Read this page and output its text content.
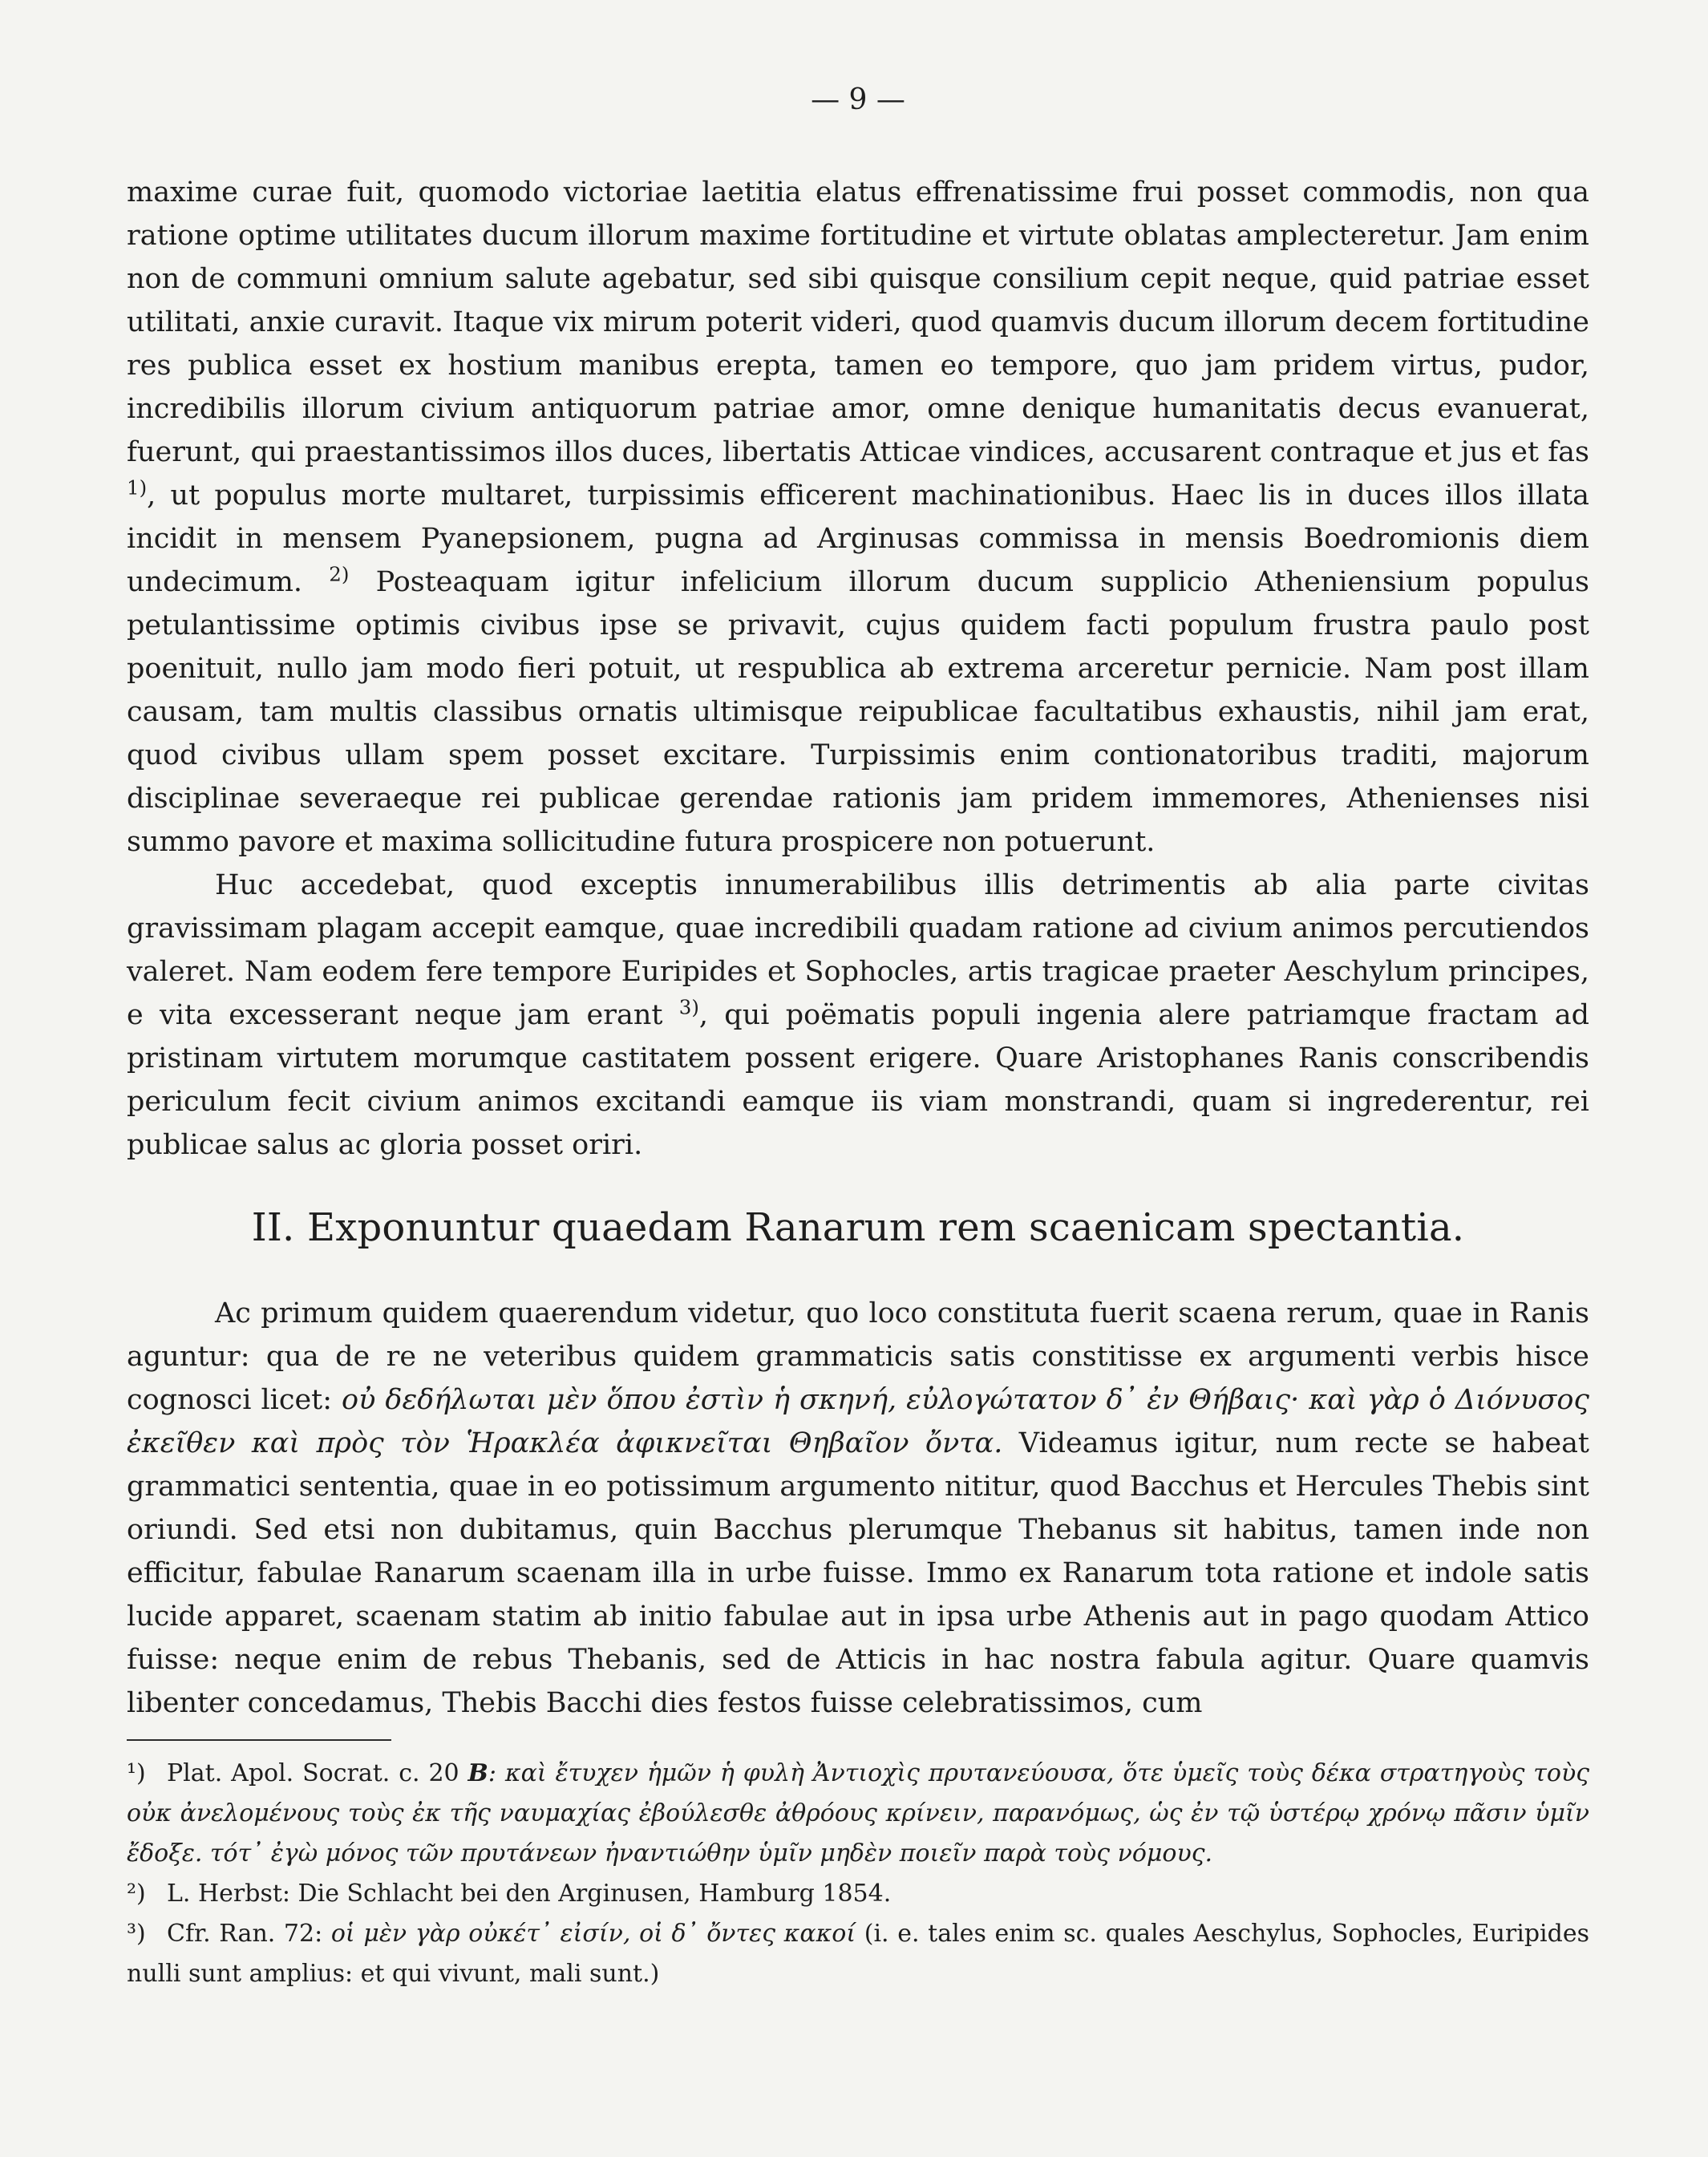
— 9 —

maxime curae fuit, quomodo victoriae laetitia elatus effrenatissime frui posset commodis, non qua ratione optime utilitates ducum illorum maxime fortitudine et virtute oblatas amplecteretur. Jam enim non de communi omnium salute agebatur, sed sibi quisque consilium cepit neque, quid patriae esset utilitati, anxie curavit. Itaque vix mirum poterit videri, quod quamvis ducum illorum decem fortitudine res publica esset ex hostium manibus erepta, tamen eo tempore, quo jam pridem virtus, pudor, incredibilis illorum civium antiquorum patriae amor, omne denique humanitatis decus evanuerat, fuerunt, qui praestantissimos illos duces, libertatis Atticae vindices, accusarent contraque et jus et fas $^{1)}$, ut populus morte multaret, turpissimis efficerent machinationibus. Haec lis in duces illos illata incidit in mensem Pyanepsionem, pugna ad Arginusas commissa in mensis Boedromionis diem undecimum. $^{2)}$ Posteaquam igitur infelicium illorum ducum supplicio Atheniensium populus petulantissime optimis civibus ipse se privavit, cujus quidem facti populum frustra paulo post poenituit, nullo jam modo fieri potuit, ut respublica ab extrema arceretur pernicie. Nam post illam causam, tam multis classibus ornatis ultimisque reipublicae facultatibus exhaustis, nihil jam erat, quod civibus ullam spem posset excitare. Turpissimis enim contionatoribus traditi, majorum disciplinae severaeque rei publicae gerendae rationis jam pridem immemores, Athenienses nisi summo pavore et maxima sollicitudine futura prospicere non potuerunt.

Huc accedebat, quod exceptis innumerabilibus illis detrimentis ab alia parte civitas gravissimam plagam accepit eamque, quae incredibili quadam ratione ad civium animos percutiendos valeret. Nam eodem fere tempore Euripides et Sophocles, artis tragicae praeter Aeschylum principes, e vita excesserant neque jam erant $^{3)}$, qui poëmatis populi ingenia alere patriamque fractam ad pristinam virtutem morumque castitatem possent erigere. Quare Aristophanes Ranis conscribendis periculum fecit civium animos excitandi eamque iis viam monstrandi, quam si ingrederentur, rei publicae salus ac gloria posset oriri.

II. Exponuntur quaedam Ranarum rem scaenicam spectantia.

Ac primum quidem quaerendum videtur, quo loco constituta fuerit scaena rerum, quae in Ranis aguntur: qua de re ne veteribus quidem grammaticis satis constitisse ex argumenti verbis hisce cognosci licet: οὐ δεδήλωται μὲν ὅπου ἐστὶν ἡ σκηνή, εὐλογώτατον δ᾽ ἐν Θήβαις· καὶ γὰρ ὁ Διόνυσος ἐκεῖθεν καὶ πρὸς τὸν Ἡρακλέα ἀφικνεῖται Θηβαῖον ὄντα. Videamus igitur, num recte se habeat grammatici sententia, quae in eo potissimum argumento nititur, quod Bacchus et Hercules Thebis sint oriundi. Sed etsi non dubitamus, quin Bacchus plerumque Thebanus sit habitus, tamen inde non efficitur, fabulae Ranarum scaenam illa in urbe fuisse. Immo ex Ranarum tota ratione et indole satis lucide apparet, scaenam statim ab initio fabulae aut in ipsa urbe Athenis aut in pago quodam Attico fuisse: neque enim de rebus Thebanis, sed de Atticis in hac nostra fabula agitur. Quare quamvis libenter concedamus, Thebis Bacchi dies festos fuisse celebratissimos, cum

¹) Plat. Apol. Socrat. c. 20 B: καὶ ἔτυχεν ἡμῶν ἡ φυλὴ Ἀντιοχὶς πρυτανεύουσα, ὅτε ὑμεῖς τοὺς δέκα στρατηγοὺς τοὺς οὐκ ἀνελομένους τοὺς ἐκ τῆς ναυμαχίας ἐβούλεσθε ἀθρόους κρίνειν, παρανόμως, ὡς ἐν τῷ ὑστέρῳ χρόνῳ πᾶσιν ὑμῖν ἔδοξε. τότ᾽ ἐγὼ μόνος τῶν πρυτάνεων ἠναντιώθην ὑμῖν μηδὲν ποιεῖν παρὰ τοὺς νόμους.

²) L. Herbst: Die Schlacht bei den Arginusen, Hamburg 1854.

³) Cfr. Ran. 72: οἱ μὲν γὰρ οὐκέτ᾽ εἰσίν, οἱ δ᾽ ὄντες κακοί (i. e. tales enim sc. quales Aeschylus, Sophocles, Euripides nulli sunt amplius: et qui vivunt, mali sunt.)
